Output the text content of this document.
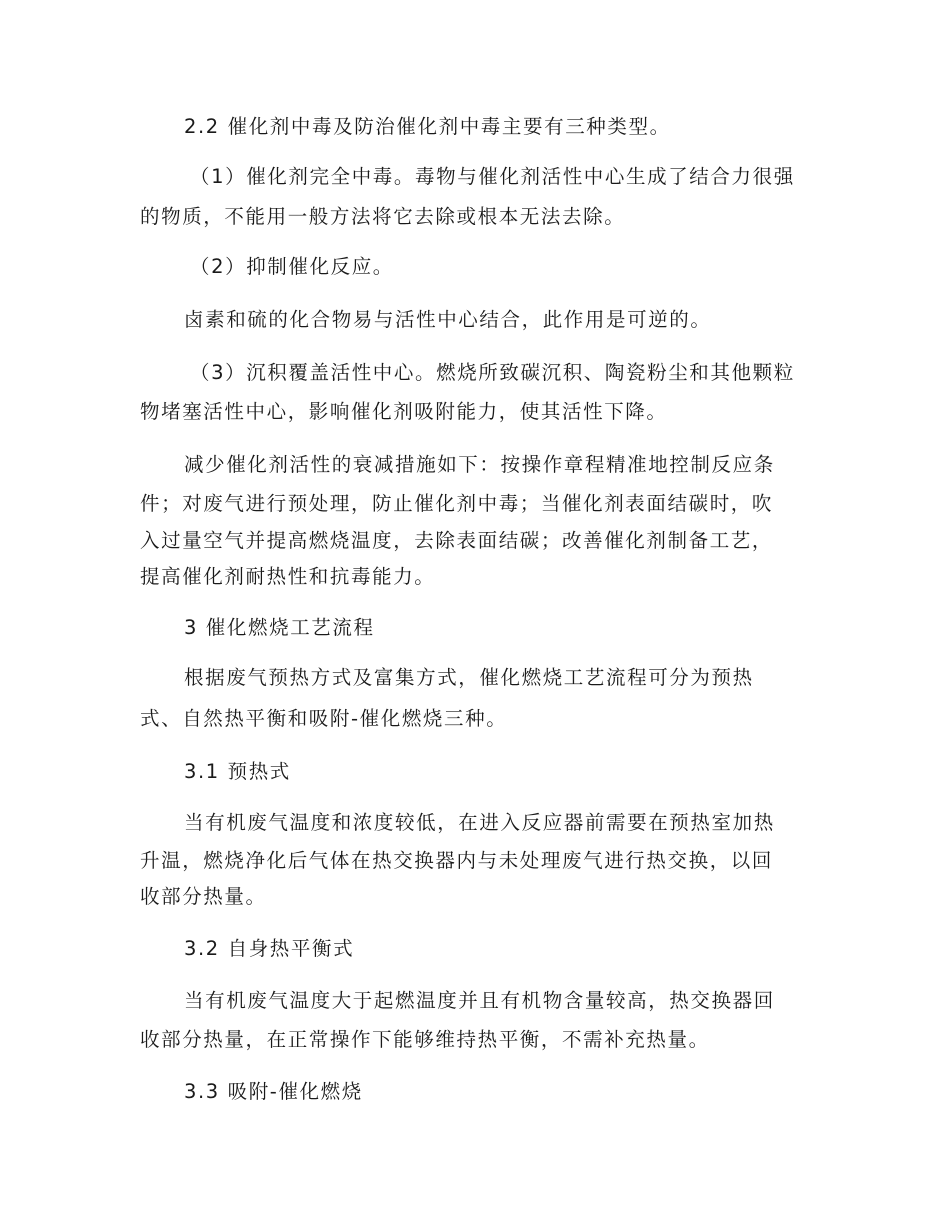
2.2 催化剂中毒及防治催化剂中毒主要有三种类型。
（1）催化剂完全中毒。毒物与催化剂活性中心生成了结合力很强
的物质，不能用一般方法将它去除或根本无法去除。
（2）抑制催化反应。
卤素和硫的化合物易与活性中心结合，此作用是可逆的。
（3）沉积覆盖活性中心。燃烧所致碳沉积、陶瓷粉尘和其他颗粒
物堵塞活性中心，影响催化剂吸附能力，使其活性下降。
减少催化剂活性的衰减措施如下：按操作章程精准地控制反应条
件；对废气进行预处理，防止催化剂中毒；当催化剂表面结碳时，吹
入过量空气并提高燃烧温度，去除表面结碳；改善催化剂制备工艺，
提高催化剂耐热性和抗毒能力。
3 催化燃烧工艺流程
根据废气预热方式及富集方式，催化燃烧工艺流程可分为预热
式、自然热平衡和吸附-催化燃烧三种。
3.1 预热式
当有机废气温度和浓度较低，在进入反应器前需要在预热室加热
升温，燃烧净化后气体在热交换器内与未处理废气进行热交换，以回
收部分热量。
3.2 自身热平衡式
当有机废气温度大于起燃温度并且有机物含量较高，热交换器回
收部分热量，在正常操作下能够维持热平衡，不需补充热量。
3.3 吸附-催化燃烧
